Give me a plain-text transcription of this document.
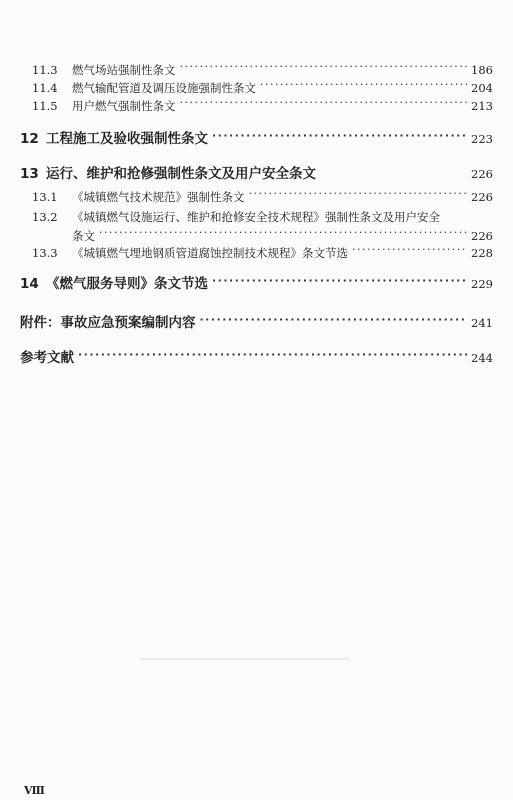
11.3	燃气场站强制性条文 ·····	186
11.4	燃气输配管道及调压设施强制性条文 ·····	204
11.5	用户燃气强制性条文 ·····	213
12 工程施工及验收强制性条文 ·····	223
13 运行、维护和抢修强制性条文及用户安全条文	226
13.1	《城镇燃气技术规范》强制性条文 ·····	226
13.2	《城镇燃气设施运行、维护和抢修安全技术规程》强制性条文及用户安全
条文 ·····	226
13.3	《城镇燃气埋地钢质管道腐蚀控制技术规程》条文节选 ·····	228
14 《燃气服务导则》条文节选 ·····	229
附件：事故应急预案编制内容 ·····	241
参考文献 ·····	244
Ⅷ
